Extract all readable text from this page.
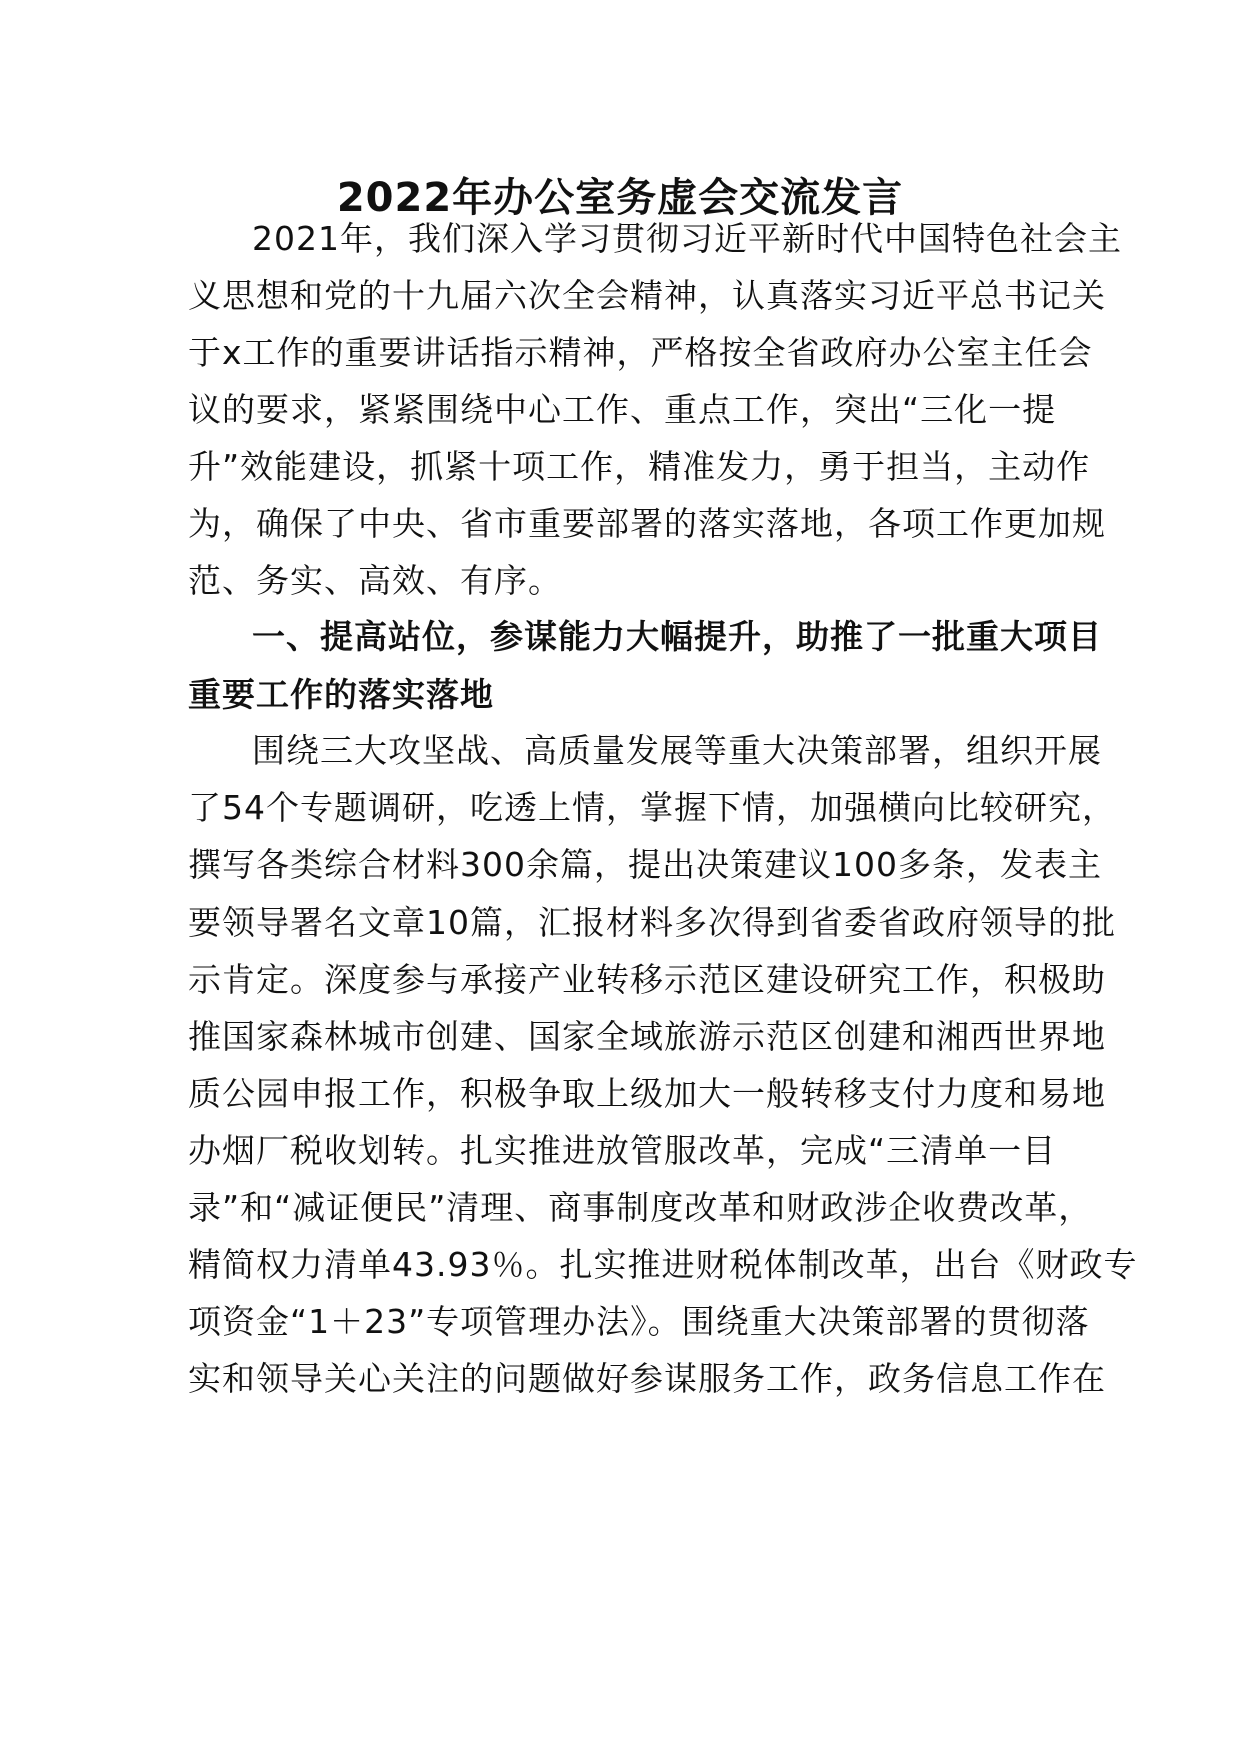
2022年办公室务虚会交流发言
2021年，我们深入学习贯彻习近平新时代中国特色社会主
义思想和党的十九届六次全会精神，认真落实习近平总书记关
于x工作的重要讲话指示精神，严格按全省政府办公室主任会
议的要求，紧紧围绕中心工作、重点工作，突出“三化一提
升”效能建设，抓紧十项工作，精准发力，勇于担当，主动作
为，确保了中央、省市重要部署的落实落地，各项工作更加规
范、务实、高效、有序。
一、提高站位，参谋能力大幅提升，助推了一批重大项目
重要工作的落实落地
围绕三大攻坚战、高质量发展等重大决策部署，组织开展
了54个专题调研，吃透上情，掌握下情，加强横向比较研究，
撰写各类综合材料300余篇，提出决策建议100多条，发表主
要领导署名文章10篇，汇报材料多次得到省委省政府领导的批
示肯定。深度参与承接产业转移示范区建设研究工作，积极助
推国家森林城市创建、国家全域旅游示范区创建和湘西世界地
质公园申报工作，积极争取上级加大一般转移支付力度和易地
办烟厂税收划转。扎实推进放管服改革，完成“三清单一目
录”和“减证便民”清理、商事制度改革和财政涉企收费改革，
精简权力清单43.93％。扎实推进财税体制改革，出台《财政专
项资金“1＋23”专项管理办法》。围绕重大决策部署的贯彻落
实和领导关心关注的问题做好参谋服务工作，政务信息工作在
